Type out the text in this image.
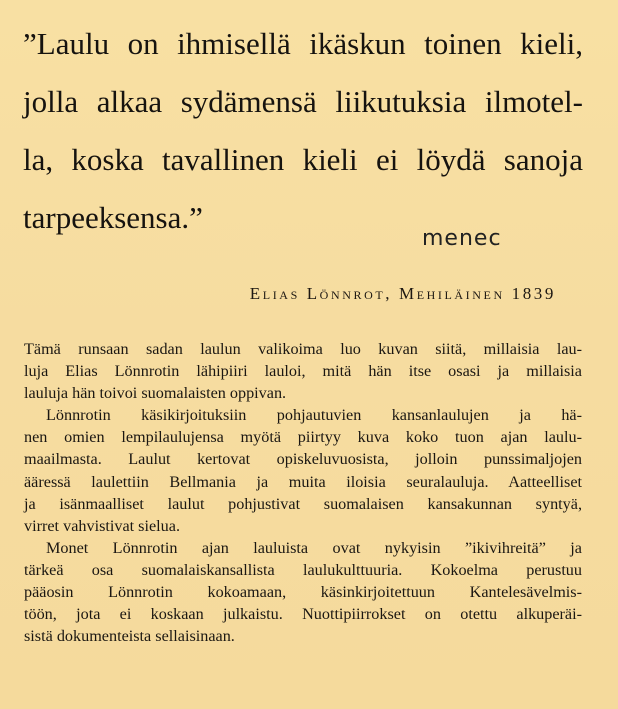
”Laulu on ihmisellä ikäskun toinen kieli,
jolla alkaa sydämensä liikutuksia ilmotel-
la, koska tavallinen kieli ei löydä sanoja
tarpeeksensa.”
menec
Elias Lönnrot, Mehiläinen 1839
Tämä runsaan sadan laulun valikoima luo kuvan siitä, millaisia lau-
luja Elias Lönnrotin lähipiiri lauloi, mitä hän itse osasi ja millaisia
lauluja hän toivoi suomalaisten oppivan.
Lönnrotin käsikirjoituksiin pohjautuvien kansanlaulujen ja hä-
nen omien lempilaulujensa myötä piirtyy kuva koko tuon ajan laulu-
maailmasta. Laulut kertovat opiskeluvuosista, jolloin punssimaljojen
ääressä laulettiin Bellmania ja muita iloisia seuralauluja. Aatteelliset
ja isänmaalliset laulut pohjustivat suomalaisen kansakunnan syntyä,
virret vahvistivat sielua.
Monet Lönnrotin ajan lauluista ovat nykyisin ”ikivihreitä” ja
tärkeä osa suomalaiskansallista laulukulttuuria. Kokoelma perustuu
pääosin Lönnrotin kokoamaan, käsinkirjoitettuun Kantelesävelmis-
töön, jota ei koskaan julkaistu. Nuottipiirrokset on otettu alkuperäi-
sistä dokumenteista sellaisinaan.
